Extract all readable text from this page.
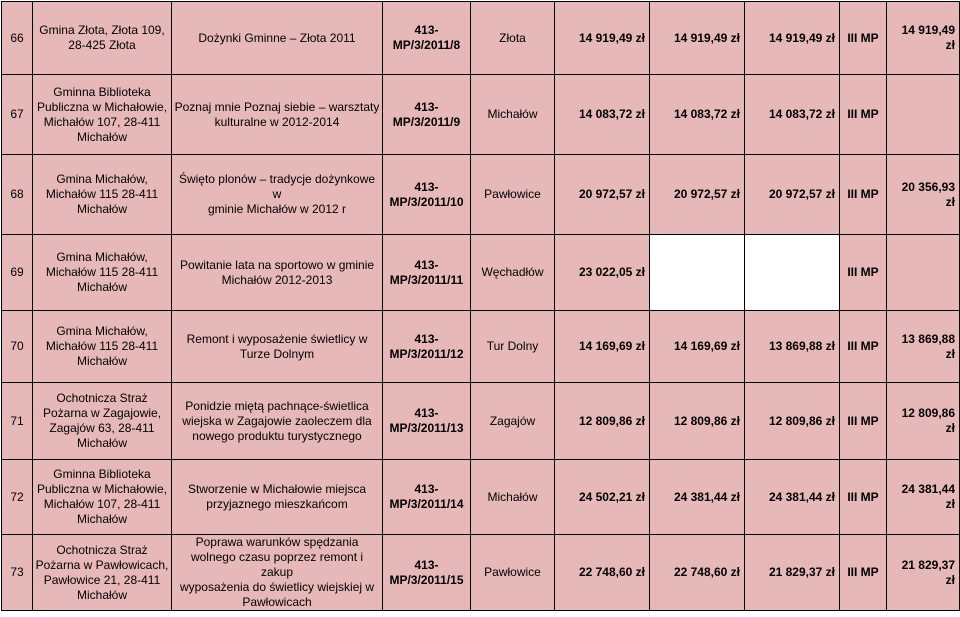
66	Gmina Złota, Złota 109,
28-425 Złota	Dożynki Gminne – Złota 2011	413-
MP/3/2011/8	Złota	14 919,49 zł	14 919,49 zł	14 919,49 zł	III MP	14 919,49 zł
67	Gminna Biblioteka
Publiczna w Michałowie,
Michałów 107, 28-411
Michałów	Poznaj mnie Poznaj siebie – warsztaty
kulturalne w 2012-2014	413-
MP/3/2011/9	Michałów	14 083,72 zł	14 083,72 zł	14 083,72 zł	III MP	
68	Gmina Michałów,
Michałów 115 28-411
Michałów	Święto plonów – tradycje dożynkowe w
gminie Michałów w 2012 r	413-
MP/3/2011/10	Pawłowice	20 972,57 zł	20 972,57 zł	20 972,57 zł	III MP	20 356,93 zł
69	Gmina Michałów,
Michałów 115 28-411
Michałów	Powitanie lata na sportowo w gminie
Michałów 2012-2013	413-
MP/3/2011/11	Węchadłów	23 022,05 zł			III MP	
70	Gmina Michałów,
Michałów 115 28-411
Michałów	Remont i wyposażenie świetlicy w
Turze Dolnym	413-
MP/3/2011/12	Tur Dolny	14 169,69 zł	14 169,69 zł	13 869,88 zł	III MP	13 869,88 zł
71	Ochotnicza Straż
Pożarna w Zagajowie,
Zagajów 63, 28-411
Michałów	Ponidzie miętą pachnące-świetlica
wiejska w Zagajowie zaoleczem dla
nowego produktu turystycznego	413-
MP/3/2011/13	Zagajów	12 809,86 zł	12 809,86 zł	12 809,86 zł	III MP	12 809,86 zł
72	Gminna Biblioteka
Publiczna w Michałowie,
Michałów 107, 28-411
Michałów	Stworzenie w Michałowie miejsca
przyjaznego mieszkańcom	413-
MP/3/2011/14	Michałów	24 502,21 zł	24 381,44 zł	24 381,44 zł	III MP	24 381,44 zł
73	Ochotnicza Straż
Pożarna w Pawłowicach,
Pawłowice 21, 28-411
Michałów	Poprawa warunków spędzania
wolnego czasu poprzez remont i zakup
wyposażenia do świetlicy wiejskiej w
Pawłowicach	413-
MP/3/2011/15	Pawłowice	22 748,60 zł	22 748,60 zł	21 829,37 zł	III MP	21 829,37 zł
